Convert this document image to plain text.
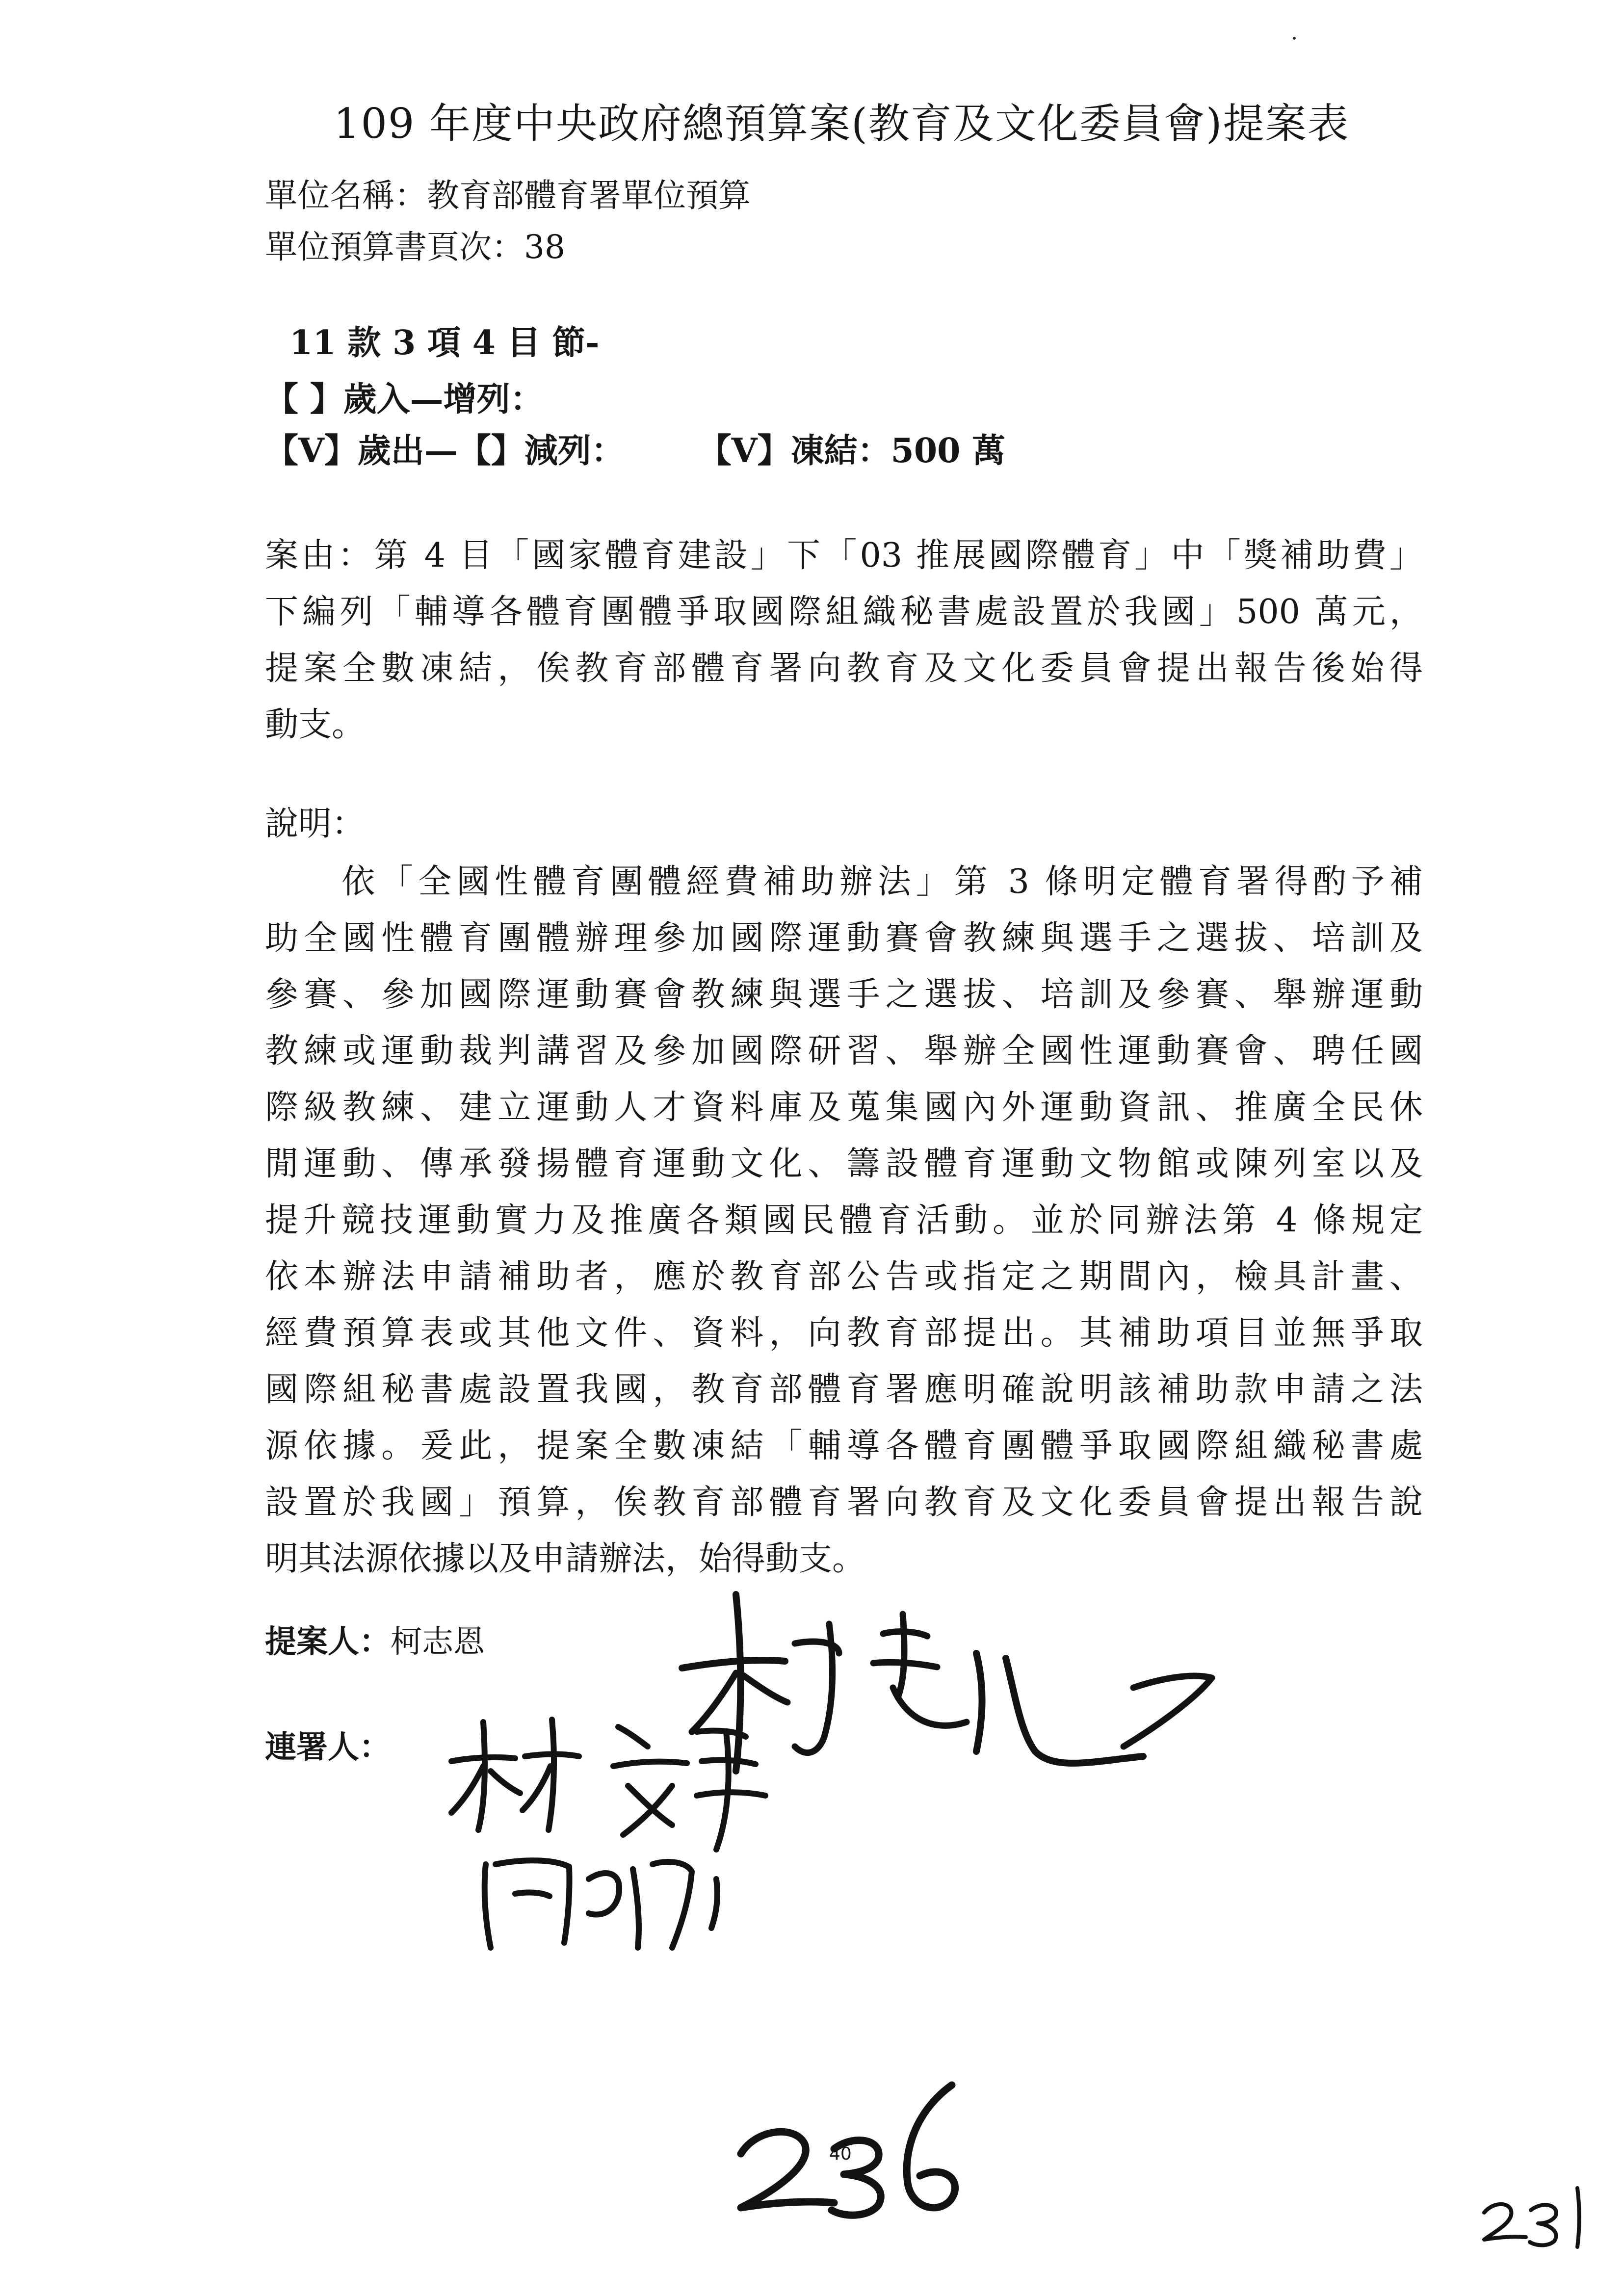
109 年度中央政府總預算案(教育及文化委員會)提案表
單位名稱：教育部體育署單位預算
單位預算書頁次：38
11 款 3 項 4 目 節-
【 】歲入—增列：
【V】歲出—【】減列： 【V】凍結：500 萬
案由：第 4 目「國家體育建設」下「03 推展國際體育」中「獎補助費」
下編列「輔導各體育團體爭取國際組織秘書處設置於我國」500 萬元，
提案全數凍結，俟教育部體育署向教育及文化委員會提出報告後始得
動支。
說明：
　　依「全國性體育團體經費補助辦法」第 3 條明定體育署得酌予補
助全國性體育團體辦理參加國際運動賽會教練與選手之選拔、培訓及
參賽、參加國際運動賽會教練與選手之選拔、培訓及參賽、舉辦運動
教練或運動裁判講習及參加國際研習、舉辦全國性運動賽會、聘任國
際級教練、建立運動人才資料庫及蒐集國內外運動資訊、推廣全民休
閒運動、傳承發揚體育運動文化、籌設體育運動文物館或陳列室以及
提升競技運動實力及推廣各類國民體育活動。並於同辦法第 4 條規定
依本辦法申請補助者，應於教育部公告或指定之期間內，檢具計畫、
經費預算表或其他文件、資料，向教育部提出。其補助項目並無爭取
國際組秘書處設置我國，教育部體育署應明確說明該補助款申請之法
源依據。爰此，提案全數凍結「輔導各體育團體爭取國際組織秘書處
設置於我國」預算，俟教育部體育署向教育及文化委員會提出報告說
明其法源依據以及申請辦法，始得動支。
提案人：柯志恩
連署人：
40
